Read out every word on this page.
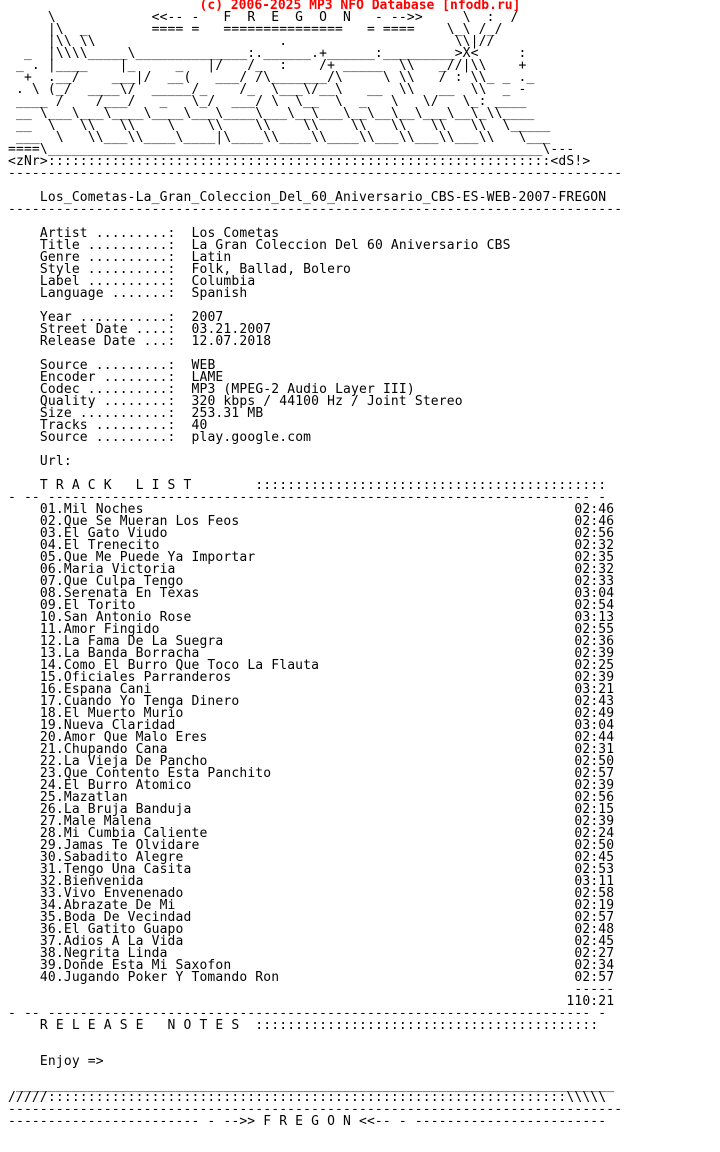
(c) 2006-2025 MP3 NFO Database [nfodb.ru]

\	<<-- -   F  R  E  G  O  N   - -->>	\  :  /
|\  _        ==== =   ===============   = ====    \_\ /_/
|\\ \\                       .                     \\|//
_  |\\\\_____\______________:.______.+______:_________>X<     :
_ . |____    |_     _   |/   /_  :    /+ _____  \\   _//|\\    +
+  .__/    ___|/  __(   ___/ /\_______/\     \ \\   / : \\_ _ ._
. \ (_/  ____\/  _____/_    /_  \___\/__\   __  \\   __  \\  _ -
____ /    /___/   _   \_/  ___/ \  \__  \  _   \   \/   \_: ____
__ \___\___\____\____\___\____\___\__\___\__\__\__\___\__\_\\____
__  \   \\   \\    \    \\    \\    \\    \\   \\   \\   \\  \_____
___  \   \\___\\____\____|\____\\____\\____\\___\\___\\___\\   \___
====\______________________________________________________________\---
<zNr>:::::::::::::::::::::::::::::::::::::::::::::::::::::::::::::::<dS!>
-----------------------------------------------------------------------------

Los_Cometas-La_Gran_Coleccion_Del_60_Aniversario_CBS-ES-WEB-2007-FREGON
-----------------------------------------------------------------------------

Artist .........: Los Cometas
Title ..........: La Gran Coleccion Del 60 Aniversario CBS
Genre ..........: Latin
Style ..........: Folk, Ballad, Bolero
Label ..........: Columbia
Language .......: Spanish

Year ...........: 2007
Street Date ....: 03.21.2007
Release Date ...: 12.07.2018

Source .........: WEB
Encoder ........: LAME
Codec ..........: MP3 (MPEG-2 Audio Layer III)
Quality ........: 320 kbps / 44100 Hz / Joint Stereo
Size ...........: 253.31 MB
Tracks .........: 40
Source .........: play.google.com

Url:

T R A C K   L I S T	::::::::::::::::::::::::::::::::::::::::::::
- -- -------------------------------------------------------------------- -
01.Mil Noches	02:46
02.Que Se Mueran Los Feos	02:46
03.El Gato Viudo	02:56
04.El Trenecito	02:32
05.Que Me Puede Ya Importar	02:35
06.Maria Victoria	02:32
07.Que Culpa Tengo	02:33
08.Serenata En Texas	03:04
09.El Torito	02:54
10.San Antonio Rose	03:13
11.Amor Fingido	02:55
12.La Fama De La Suegra	02:36
13.La Banda Borracha	02:39
14.Como El Burro Que Toco La Flauta	02:25
15.Oficiales Parranderos	02:39
16.Espana Cani	03:21
17.Cuando Yo Tenga Dinero	02:43
18.El Muerto Murio	02:49
19.Nueva Claridad	03:04
20.Amor Que Malo Eres	02:44
21.Chupando Cana	02:31
22.La Vieja De Pancho	02:50
23.Que Contento Esta Panchito	02:57
24.El Burro Atomico	02:39
25.Mazatlan	02:56
26.La Bruja Banduja	02:15
27.Male Malena	02:39
28.Mi Cumbia Caliente	02:24
29.Jamas Te Olvidare	02:50
30.Sabadito Alegre	02:45
31.Tengo Una Casita	02:53
32.Bienvenida	03:11
33.Vivo Envenenado	02:58
34.Abrazate De Mi	02:19
35.Boda De Vecindad	02:57
36.El Gatito Guapo	02:48
37.Adios A La Vida	02:45
38.Negrita Linda	02:27
39.Donde Esta Mi Saxofon	02:34
40.Jugando Poker Y Tomando Ron	02:57
-----
110:21
- -- -------------------------------------------------------------------- -
R E L E A S E   N O T E S  :::::::::::::::::::::::::::::::::::::::::::

Enjoy =>

___________________________________________________________________________
/////:::::::::::::::::::::::::::::::::::::::::::::::::::::::::::::::::\\\\\
-----------------------------------------------------------------------------
------------------------ - -->> F R E G O N <<-- - ------------------------
